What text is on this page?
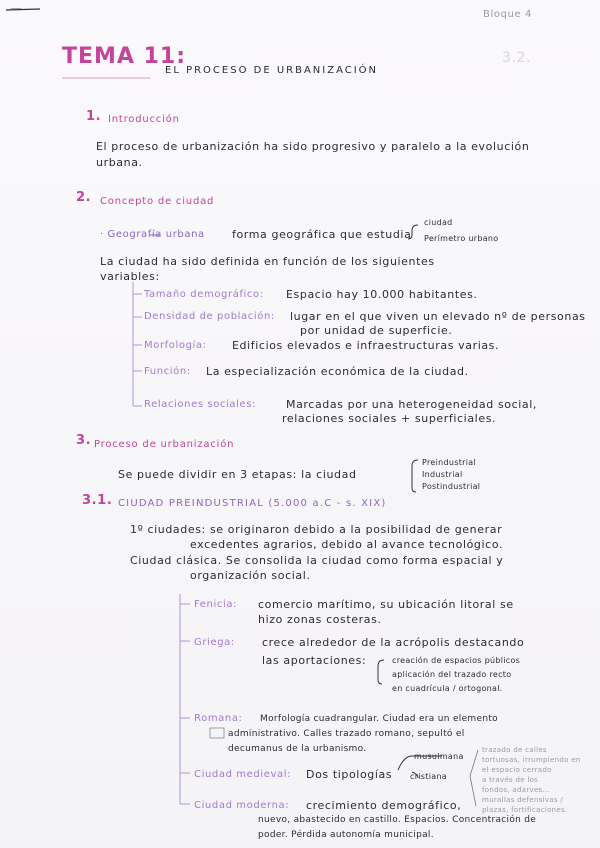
—	Bloque 4
3.2.
TEMA 11:
EL PROCESO DE URBANIZACIÓN
1. Introducción
El proceso de urbanización ha sido progresivo y paralelo a la evolución
urbana.
2. Concepto de ciudad
· Geografía urbana forma geográfica que estudia
ciudad
Perímetro urbano
La ciudad ha sido definida en función de los siguientes
variables:
Tamaño demográfico: Espacio hay 10.000 habitantes.
Densidad de población: lugar en el que viven un elevado nº de personas
por unidad de superficie.
Morfología: Edificios elevados e infraestructuras varias.
Función: La especialización económica de la ciudad.
Relaciones sociales:	Marcadas por una heterogeneidad social,
relaciones sociales + superficiales.
3. Proceso de urbanización
Se puede dividir en 3 etapas: la ciudad
Preindustrial
Industrial
Postindustrial
3.1. CIUDAD PREINDUSTRIAL (5.000 a.C - s. XIX)
1º ciudades: se originaron debido a la posibilidad de generar
excedentes agrarios, debido al avance tecnológico.
Ciudad clásica. Se consolida la ciudad como forma espacial y
organización social.
Fenicia: comercio marítimo, su ubicación litoral se
hizo zonas costeras.
Griega: crece alrededor de la acrópolis destacando
las aportaciones:	creación de espacios públicos
aplicación del trazado recto
en cuadrícula / ortogonal.
Romana: Morfología cuadrangular. Ciudad era un elemento
administrativo. Calles trazado romano, sepultó el
decumanus de la urbanismo.
Ciudad medieval: Dos tipologías
musulmana
cristiana
trazado de calles
tortuosas, irrumpiendo en
el espacio cerrado
a través de los
fondos, adarves...
murallas defensivas /
plazas, fortificaciones.
Ciudad moderna: crecimiento demográfico,
nuevo, abastecido en castillo. Espacios. Concentración de
poder. Pérdida autonomía municipal.
